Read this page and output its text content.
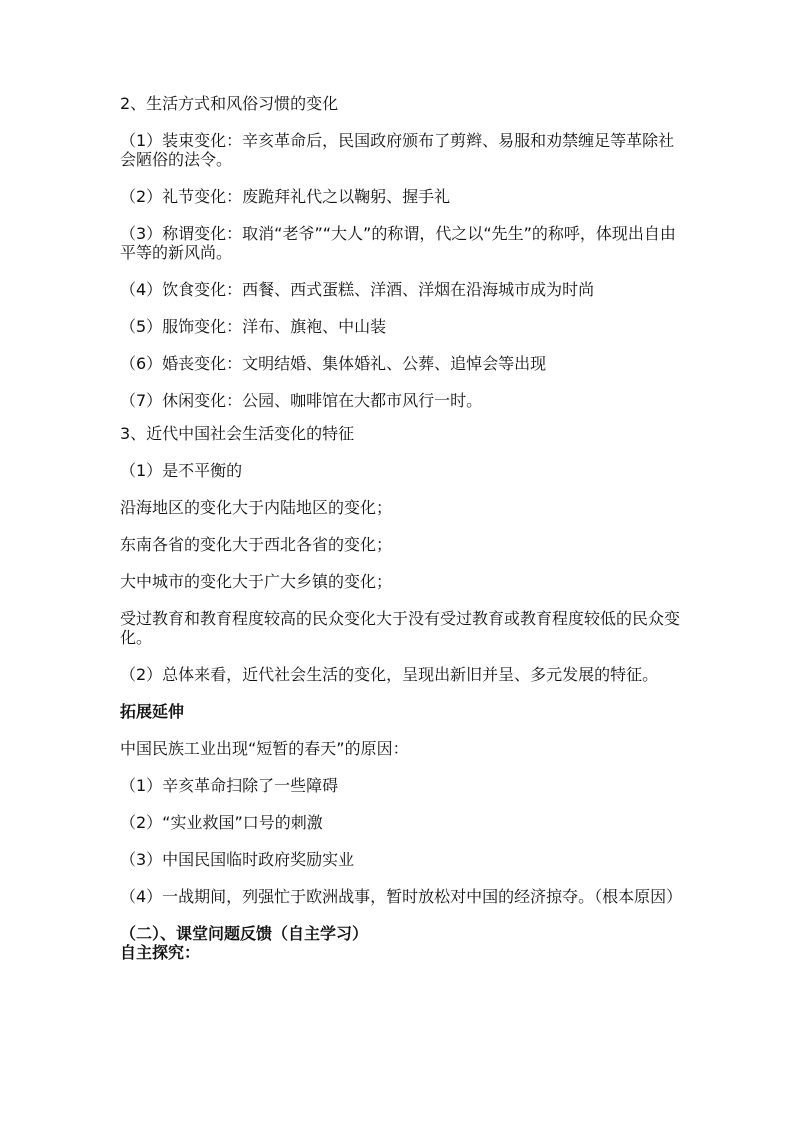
2、生活方式和风俗习惯的变化

（1）装束变化：辛亥革命后，民国政府颁布了剪辫、易服和劝禁缠足等革除社会陋俗的法令。

（2）礼节变化：废跪拜礼代之以鞠躬、握手礼

（3）称谓变化：取消“老爷”“大人”的称谓，代之以“先生”的称呼，体现出自由平等的新风尚。

（4）饮食变化：西餐、西式蛋糕、洋酒、洋烟在沿海城市成为时尚

（5）服饰变化：洋布、旗袍、中山装

（6）婚丧变化：文明结婚、集体婚礼、公葬、追悼会等出现

（7）休闲变化：公园、咖啡馆在大都市风行一时。

3、近代中国社会生活变化的特征

（1）是不平衡的

沿海地区的变化大于内陆地区的变化；

东南各省的变化大于西北各省的变化；

大中城市的变化大于广大乡镇的变化；

受过教育和教育程度较高的民众变化大于没有受过教育或教育程度较低的民众变化。

（2）总体来看，近代社会生活的变化，呈现出新旧并呈、多元发展的特征。

拓展延伸

中国民族工业出现“短暂的春天”的原因：

（1）辛亥革命扫除了一些障碍

（2）“实业救国”口号的刺激

（3）中国民国临时政府奖励实业

（4）一战期间，列强忙于欧洲战事，暂时放松对中国的经济掠夺。（根本原因）

（二）、课堂问题反馈（自主学习）

自主探究：
